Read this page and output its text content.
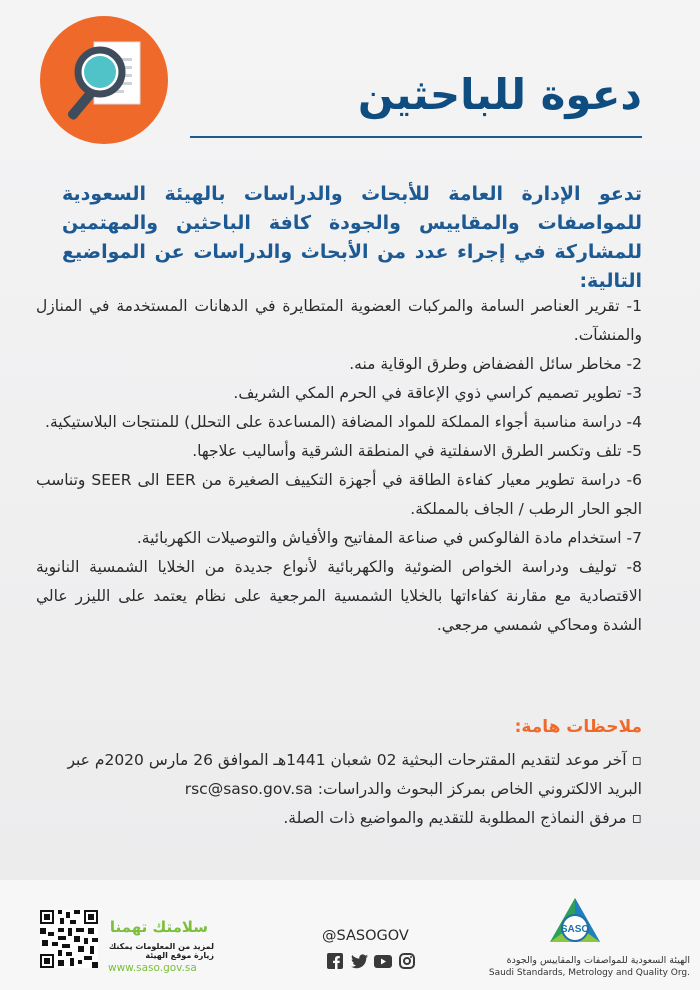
دعوة للباحثين

تدعو الإدارة العامة للأبحاث والدراسات بالهيئة السعودية للمواصفات والمقاييس والجودة كافة الباحثين والمهتمين للمشاركة في إجراء عدد من الأبحاث والدراسات عن المواضيع التالية:

1- تقرير العناصر السامة والمركبات العضوية المتطايرة في الدهانات المستخدمة في المنازل والمنشآت.
2- مخاطر سائل الفضفاض وطرق الوقاية منه.
3- تطوير تصميم كراسي ذوي الإعاقة في الحرم المكي الشريف.
4- دراسة مناسبة أجواء المملكة للمواد المضافة (المساعدة على التحلل) للمنتجات البلاستيكية.
5- تلف وتكسر الطرق الاسفلتية في المنطقة الشرقية وأساليب علاجها.
6- دراسة تطوير معيار كفاءة الطاقة في أجهزة التكييف الصغيرة من EER الى SEER وتناسب الجو الحار الرطب / الجاف بالمملكة.
7- استخدام مادة الفالوكس في صناعة المفاتيح والأفياش والتوصيلات الكهربائية.
8- توليف ودراسة الخواص الضوئية والكهربائية لأنواع جديدة من الخلايا الشمسية النانوية الاقتصادية مع مقارنة كفاءاتها بالخلايا الشمسية المرجعية على نظام يعتمد على الليزر عالي الشدة ومحاكي شمسي مرجعي.
ملاحظات هامة:
▫ آخر موعد لتقديم المقترحات البحثية 02 شعبان 1441هـ الموافق 26 مارس 2020م عبر البريد الالكتروني الخاص بمركز البحوث والدراسات: rsc@saso.gov.sa
▫ مرفق النماذج المطلوبة للتقديم والمواضيع ذات الصلة.
سلامتك تهمنا
لمزيد من المعلومات يمكنك زيارة موقع الهيئة
www.saso.gov.sa
@SASOGOV	SASO
الهيئة السعودية للمواصفات والمقاييس والجودة
Saudi Standards, Metrology and Quality Org.
